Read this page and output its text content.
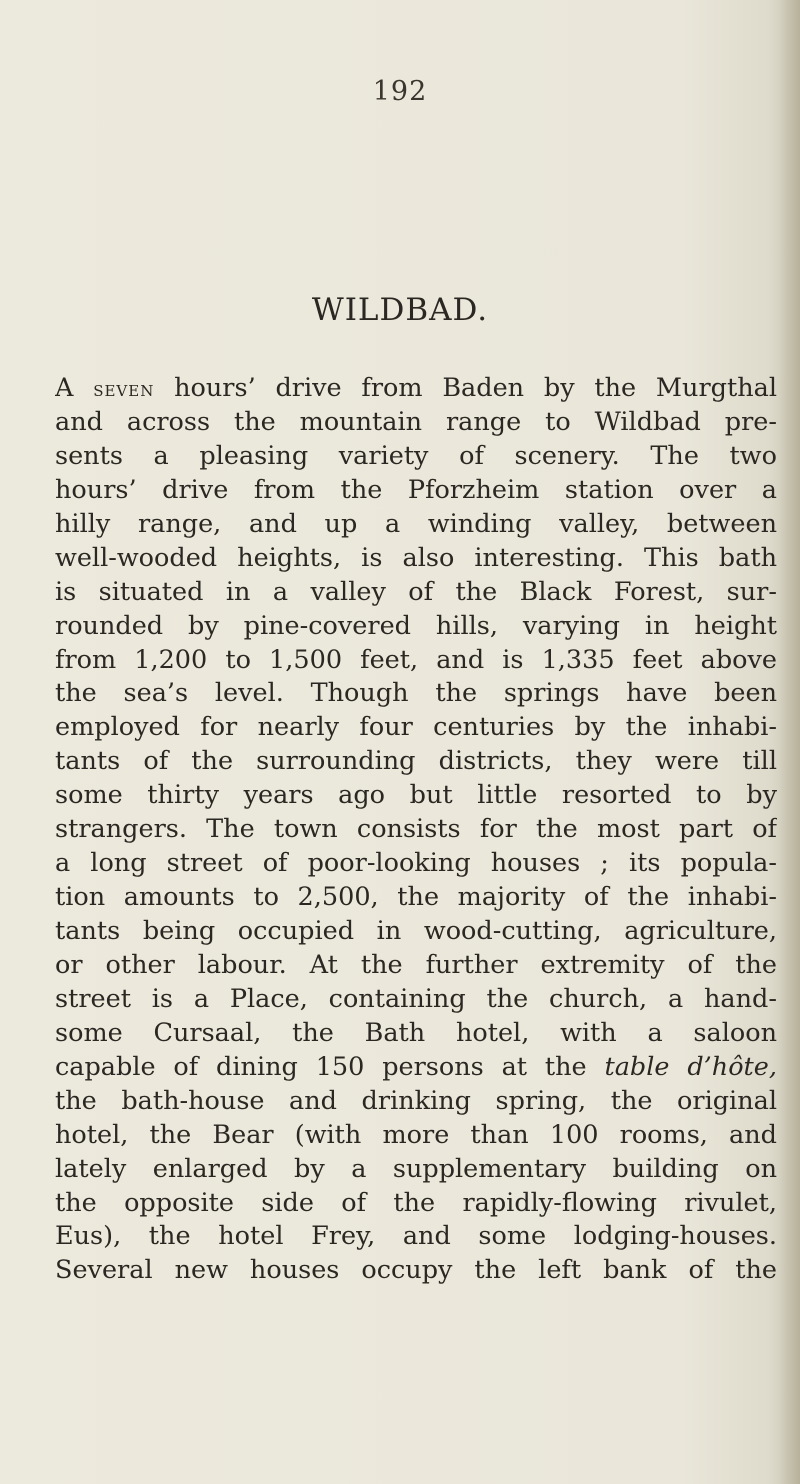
192
WILDBAD.
A seven hours’ drive from Baden by the Murgthal
and across the mountain range to Wildbad pre-
sents a pleasing variety of scenery. The two
hours’ drive from the Pforzheim station over a
hilly range, and up a winding valley, between
well-wooded heights, is also interesting. This bath
is situated in a valley of the Black Forest, sur-
rounded by pine-covered hills, varying in height
from 1,200 to 1,500 feet, and is 1,335 feet above
the sea’s level. Though the springs have been
employed for nearly four centuries by the inhabi-
tants of the surrounding districts, they were till
some thirty years ago but little resorted to by
strangers. The town consists for the most part of
a long street of poor-looking houses ; its popula-
tion amounts to 2,500, the majority of the inhabi-
tants being occupied in wood-cutting, agriculture,
or other labour. At the further extremity of the
street is a Place, containing the church, a hand-
some Cursaal, the Bath hotel, with a saloon
capable of dining 150 persons at the table d’hôte,
the bath-house and drinking spring, the original
hotel, the Bear (with more than 100 rooms, and
lately enlarged by a supplementary building on
the opposite side of the rapidly-flowing rivulet,
Eus), the hotel Frey, and some lodging-houses.
Several new houses occupy the left bank of the
